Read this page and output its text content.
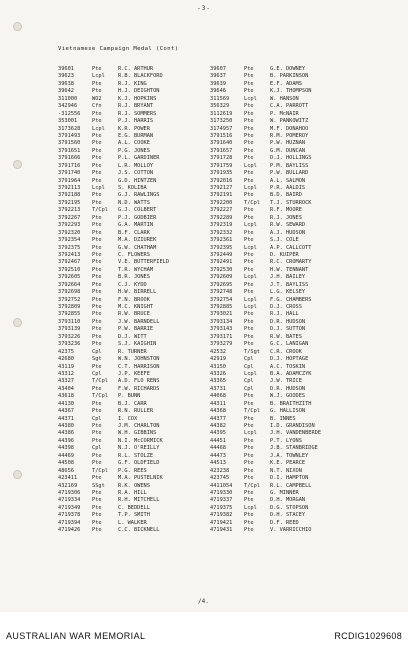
-3-
Vietnamese Campaign Medal (Cont)
39601	Pte	R.C. ARTHUR
39623	Lcpl	R.B. BLACKFORD
39638	Pte	R.J. KING
39642	Pte	H.J. DEIGHTON
311000	WO2	K.J. HOPKINS
342946	Cfn	R.J. BRYANT
-312556	Pte	R.J. SOMMERS
353001	Pte	P.J. HARRIS
3173628	Lcpl	K.R. POWER
3791493	Pte	E.G. BURMAN
3791560	Pte	A.L. COOKE
3791651	Pte	P.G. JONES
3791666	Pte	P.L. GARDINER
3791716	Pte	L.R. MOLLOY
3791740	Pte	J.S. COTTON
3791964	Pte	G.D. HINTZEN
3792113	Lcpl	S. KOLIBA
3792188	Pte	G.J. RAWLINGS
3792195	Pte	N.D. WATTS
3792213	T/Cpl	G.J. COLBERT
3792267	Pte	P.J. GODBIER
3792293	Pte	G.A. MARTIN
3792320	Pte	B.F. CLARK
3792354	Pte	M.A. DZIUREK
3792375	Pte	G.W. CHATHAM
3792413	Pte	C. FLOWERS
3792467	Pte	V.E. BUTTERFIELD
3792510	Pte	T.R. WYCHAM
3792605	Pte	B.R. JONES
3792664	Pte	C.J. KYDD
3792698	Pte	H.W. BIRRELL
3792752	Pte	F.N. BROOK
3792809	Pte	M.C. KNIGHT
3792855	Pte	R.W. BRUCE
3793110	Pte	J.W. BARNDELL
3793139	Pte	P.W. BARRIE
3793226	Pte	D.J. WITT
3793236	Pte	S.J. KAIGHIN
42375	Cpl	R. TURNER
42680	Sgt	W.N. JOHNSTON
43119	Pte	C.T. HARRISON
43312	Cpl	J.P. KEEFE
43327	T/Cpl	A.D. FLO RENS
43404	Pte	F.W. RICHARDS
43618	T/Cpl	P. BUNN
44130	Pte	B.J. CARR
44367	Pte	R.N. RULLER
44371	Cpl	I. COX
44380	Pte	J.M. CHARLTON
44386	Pte	W.H. GIBBINS
44396	Pte	N.I. McCORMICK
44398	Cpl	N.J. O'REILLY
44469	Pte	R.L. STOLZE
44508	Pte	G.F. OLDFIELD
48656	T/Cpl	P.G. REES
423411	Pte	M.A. PUSTELNIK
432169	SSgt	R.K. OWENS
4719306	Pte	R.A. HILL
4719334	Pte	R.H. MITCHELL
4719349	Pte	C. BEDDELL
4719378	Pte	T.P. SMITH
4719394	Pte	L. WALKER
4719426	Pte	C.C. BICKNELL
39607	Pte	G.E. DOWNEY
39637	Pte	B. PARKINSON
39639	Pte	E.F. ADAMS
39646	Pte	K.J. THOMPSON
311569	Lcpl	W. HANSON
356329	Pte	C.A. PARROTT
3112619	Pte	P. McNAIR
3173250	Pte	W. PANKOWITZ
3174957	Pte	M.F. DONAHOO
3791516	Pte	R.M. POMEROY
3791640	Pte	P.W. HUZNAN
3791657	Pte	G.M. DUNCAN
3791728	Pte	D.J. HOLLINGS
3791759	Lcpl	P.M. BAYLISS
3791935	Pte	P.W. BULLARD
3792016	Pte	A.L. SALMON
3792127	Lcpl	P.R. AALDIS
3792191	Pte	B.D. BAIRD
3792200	T/Cpl	T.J. STURROCK
3792227	Pte	R.F. MOORE
3792289	Pte	R.J. JONES
3792319	Lcpl	R.W. SEWARD
3792332	Pte	A.J. HUDSON
3792361	Pte	S.J. COLE
3792395	Lcpl	A.P. CALLCOTT
3792449	Pte	D. KUIPER
3792491	Pte	R.C. CROMARTY
3792530	Pte	H.W. TENNANT
3792609	Lcpl	J.H. BAILEY
3792695	Pte	J.T. BAYLISS
3792748	Pte	L.G. KELSEY
3792754	Lcpl	F.G. CHAMBERS
3792885	Lcpl	D.J. CROSS
3793021	Pte	R.J. HALL
3793134	Pte	D.R. HUDSON
3793143	Pte	D.J. SUTTON
3793171	Pte	R.W. BATES
3793279	Pte	G.C. LANIGAN
42532	T/Sgt	C.R. CROOK
42919	Cpl	D.J. HOPTAGE
43150	Cpl	A.C. TOSKIN
43326	Lcpl	B.A. ADAMCZYK
43365	Cpl	J.W. TRICE
43731	Cpl	D.R. HUDSON
44068	Pte	W.J. GOODES
44311	Pte	B. BRAITHZITH
44368	T/Cpl	G. HALLISON
44377	Pte	B. INNES
44382	Pte	I.D. GRANDISON
44395	Lcpl	J.H. VANDENBERDE
44451	Pte	P.T. LYONS
44468	Pte	J.B. STANBRIDGE
44473	Pte	J.A. TOWNLEY
44513	Pte	K.E. PEARCE
423238	Pte	N.T. NIXON
423745	Pte	D.I. HAMPTON
4411054	T/Cpl	R.L. CAMPBELL
4719330	Pte	G. MINNER
4719337	Pte	D.H. MORGAN
4719375	Lcpl	D.G. STOPSON
4719382	Pte	D.H. STACEY
4719421	Pte	D.F. REED
4719431	Pte	V. VARRICCHIO
/4.
AUSTRALIAN WAR MEMORIAL	RCDIG1029608
